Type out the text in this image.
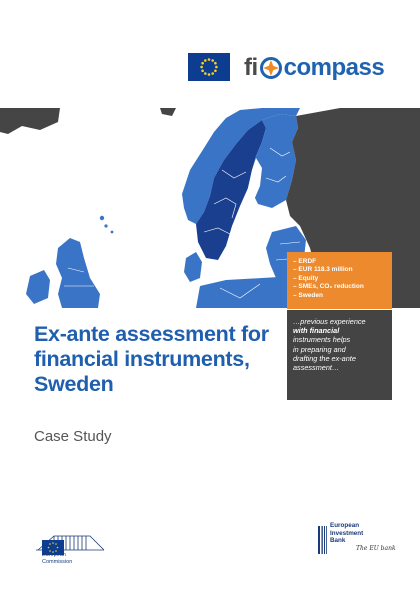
fi compass
– ERDF
– EUR 118.3 million
– Equity
– SMEs, CO₂ reduction
– Sweden
…previous experience
with financial
instruments helps
in preparing and
drafting the ex-ante
assessment…
Ex-ante assessment for
financial instruments,
Sweden
Case Study
European
Commission
European
Investment
Bank
The EU bank
